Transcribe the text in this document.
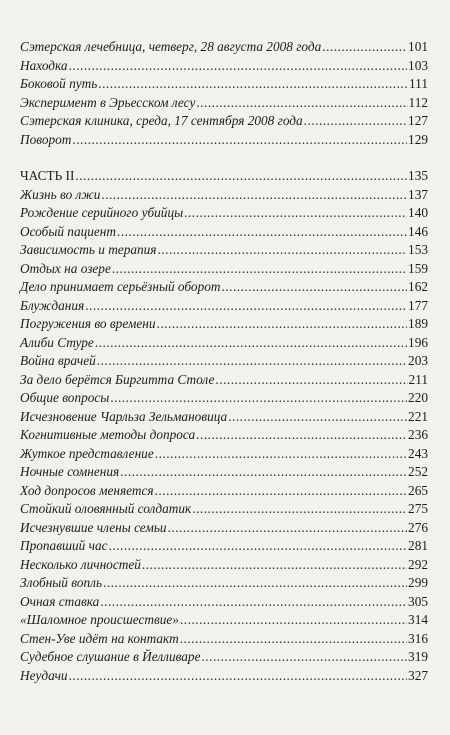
Сэтерская лечебница, четверг, 28 августа 2008 года .....	101
Находка .....	103
Боковой путь .....	111
Эксперимент в Эрьесском лесу .....	112
Сэтерская клиника, среда, 17 сентября 2008 года .....	127
Поворот .....	129
ЧАСТЬ II .....	135
Жизнь во лжи .....	137
Рождение серийного убийцы .....	140
Особый пациент .....	146
Зависимость и терапия .....	153
Отдых на озере .....	159
Дело принимает серьёзный оборот .....	162
Блуждания .....	177
Погружения во времени .....	189
Алиби Стуре .....	196
Война врачей .....	203
За дело берётся Биргитта Столе .....	211
Общие вопросы .....	220
Исчезновение Чарльза Зельмановица .....	221
Когнитивные методы допроса .....	236
Жуткое представление .....	243
Ночные сомнения .....	252
Ход допросов меняется .....	265
Стойкий оловянный солдатик .....	275
Исчезнувшие члены семьи .....	276
Пропавший час .....	281
Несколько личностей .....	292
Злобный вопль .....	299
Очная ставка .....	305
«Шаломное происшествие» .....	314
Стен-Уве идёт на контакт .....	316
Судебное слушание в Йелливаре .....	319
Неудачи .....	327
